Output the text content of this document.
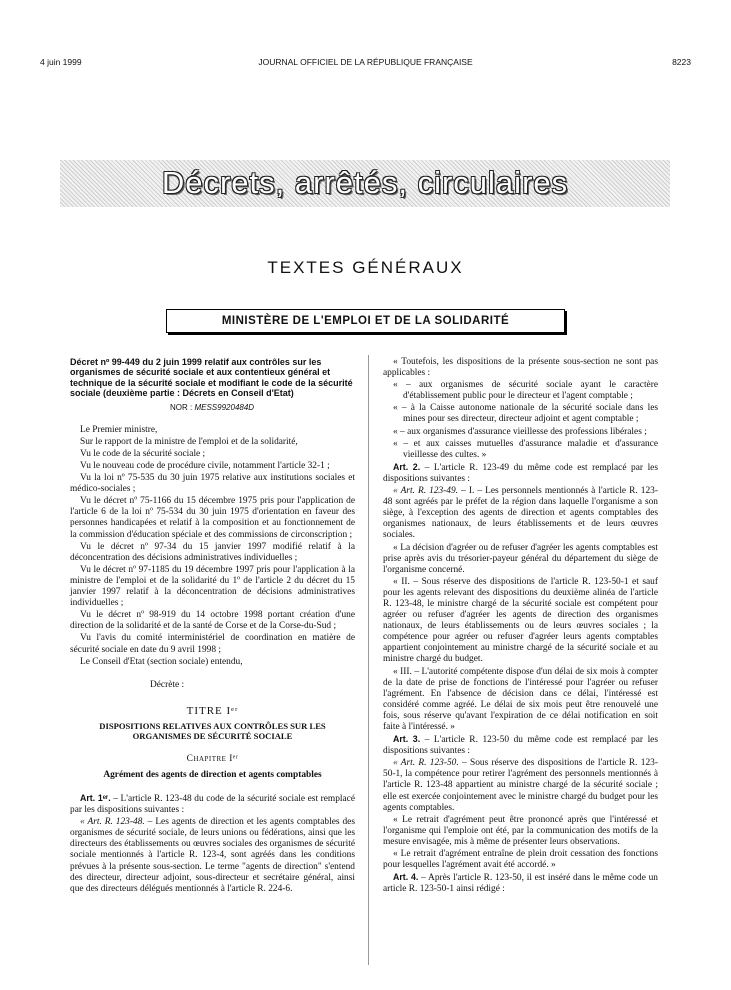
4 juin 1999	JOURNAL OFFICIEL DE LA RÉPUBLIQUE FRANÇAISE	8223
Décrets, arrêtés, circulaires
TEXTES GÉNÉRAUX
MINISTÈRE DE L'EMPLOI ET DE LA SOLIDARITÉ
Décret nº 99-449 du 2 juin 1999 relatif aux contrôles sur les organismes de sécurité sociale et aux contentieux général et technique de la sécurité sociale et modifiant le code de la sécurité sociale (deuxième partie : Décrets en Conseil d'Etat)
NOR : MESS9920484D

Le Premier ministre,

Sur le rapport de la ministre de l'emploi et de la solidarité,

Vu le code de la sécurité sociale ;

Vu le nouveau code de procédure civile, notamment l'article 32-1 ;

Vu la loi nº 75-535 du 30 juin 1975 relative aux institutions sociales et médico-sociales ;

Vu le décret nº 75-1166 du 15 décembre 1975 pris pour l'application de l'article 6 de la loi nº 75-534 du 30 juin 1975 d'orientation en faveur des personnes handicapées et relatif à la composition et au fonctionnement de la commission d'éducation spéciale et des commissions de circonscription ;

Vu le décret nº 97-34 du 15 janvier 1997 modifié relatif à la déconcentration des décisions administratives individuelles ;

Vu le décret nº 97-1185 du 19 décembre 1997 pris pour l'application à la ministre de l'emploi et de la solidarité du 1º de l'article 2 du décret du 15 janvier 1997 relatif à la déconcentration de décisions administratives individuelles ;

Vu le décret nº 98-919 du 14 octobre 1998 portant création d'une direction de la solidarité et de la santé de Corse et de la Corse-du-Sud ;

Vu l'avis du comité interministériel de coordination en matière de sécurité sociale en date du 9 avril 1998 ;

Le Conseil d'Etat (section sociale) entendu,

Décrète :

TITRE Iᵉʳ
DISPOSITIONS RELATIVES AUX CONTRÔLES SUR LES ORGANISMES DE SÉCURITÉ SOCIALE
Chapitre Iᵉʳ
Agrément des agents de direction et agents comptables

Art. 1ᵉʳ. – L'article R. 123-48 du code de la sécurité sociale est remplacé par les dispositions suivantes :

« Art. R. 123-48. – Les agents de direction et les agents comptables des organismes de sécurité sociale, de leurs unions ou fédérations, ainsi que les directeurs des établissements ou œuvres sociales des organismes de sécurité sociale mentionnés à l'article R. 123-4, sont agréés dans les conditions prévues à la présente sous-section. Le terme "agents de direction" s'entend des directeur, directeur adjoint, sous-directeur et secrétaire général, ainsi que des directeurs délégués mentionnés à l'article R. 224-6.

« Toutefois, les dispositions de la présente sous-section ne sont pas applicables :

« – aux organismes de sécurité sociale ayant le caractère d'établissement public pour le directeur et l'agent comptable ;

« – à la Caisse autonome nationale de la sécurité sociale dans les mines pour ses directeur, directeur adjoint et agent comptable ;

« – aux organismes d'assurance vieillesse des professions libérales ;

« – et aux caisses mutuelles d'assurance maladie et d'assurance vieillesse des cultes. »

Art. 2. – L'article R. 123-49 du même code est remplacé par les dispositions suivantes :

« Art. R. 123-49. – I. – Les personnels mentionnés à l'article R. 123-48 sont agréés par le préfet de la région dans laquelle l'organisme a son siège, à l'exception des agents de direction et agents comptables des organismes nationaux, de leurs établissements et de leurs œuvres sociales.

« La décision d'agréer ou de refuser d'agréer les agents comptables est prise après avis du trésorier-payeur général du département du siège de l'organisme concerné.

« II. – Sous réserve des dispositions de l'article R. 123-50-1 et sauf pour les agents relevant des dispositions du deuxième alinéa de l'article R. 123-48, le ministre chargé de la sécurité sociale est compétent pour agréer ou refuser d'agréer les agents de direction des organismes nationaux, de leurs établissements ou de leurs œuvres sociales ; la compétence pour agréer ou refuser d'agréer leurs agents comptables appartient conjointement au ministre chargé de la sécurité sociale et au ministre chargé du budget.

« III. – L'autorité compétente dispose d'un délai de six mois à compter de la date de prise de fonctions de l'intéressé pour l'agréer ou refuser l'agrément. En l'absence de décision dans ce délai, l'intéressé est considéré comme agréé. Le délai de six mois peut être renouvelé une fois, sous réserve qu'avant l'expiration de ce délai notification en soit faite à l'intéressé. »

Art. 3. – L'article R. 123-50 du même code est remplacé par les dispositions suivantes :

« Art. R. 123-50. – Sous réserve des dispositions de l'article R. 123-50-1, la compétence pour retirer l'agrément des personnels mentionnés à l'article R. 123-48 appartient au ministre chargé de la sécurité sociale ; elle est exercée conjointement avec le ministre chargé du budget pour les agents comptables.

« Le retrait d'agrément peut être prononcé après que l'intéressé et l'organisme qui l'emploie ont été, par la communication des motifs de la mesure envisagée, mis à même de présenter leurs observations.

« Le retrait d'agrément entraîne de plein droit cessation des fonctions pour lesquelles l'agrément avait été accordé. »

Art. 4. – Après l'article R. 123-50, il est inséré dans le même code un article R. 123-50-1 ainsi rédigé :
